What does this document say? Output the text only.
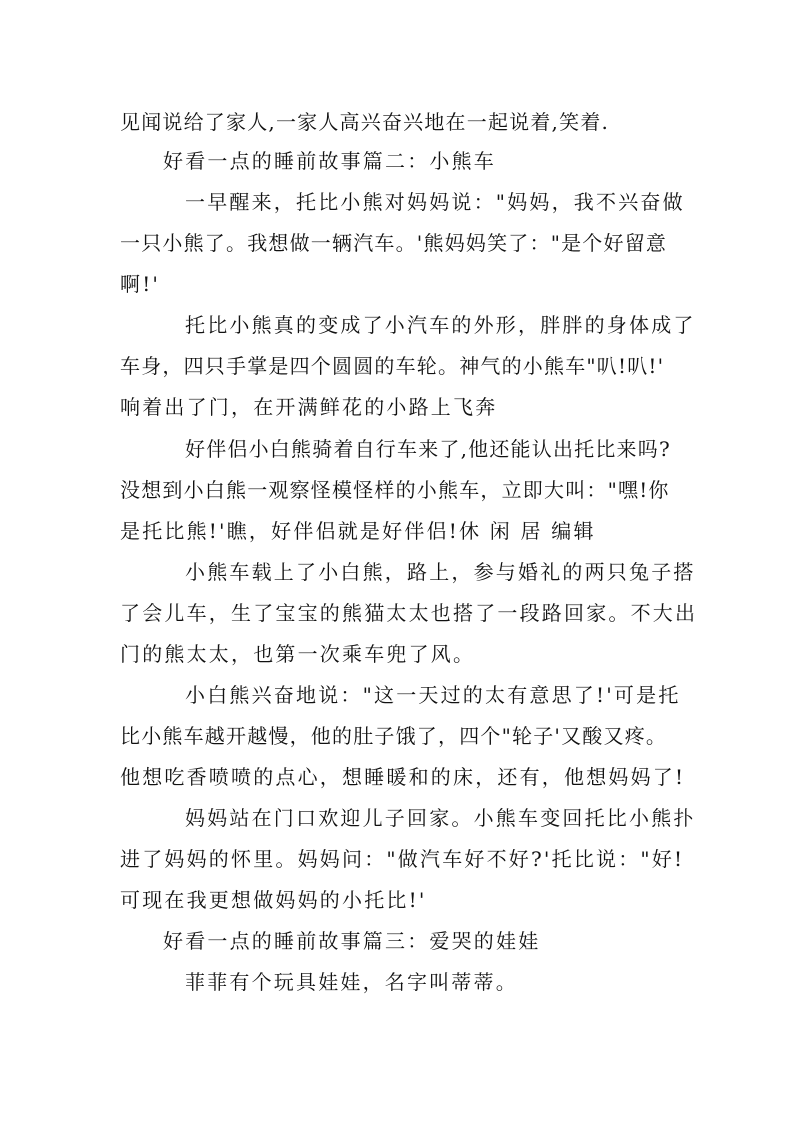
见闻说给了家人,一家人高兴奋兴地在一起说着,笑着.
好看一点的睡前故事篇二：小熊车
一早醒来，托比小熊对妈妈说："妈妈，我不兴奋做
一只小熊了。我想做一辆汽车。'熊妈妈笑了："是个好留意
啊!'
托比小熊真的变成了小汽车的外形，胖胖的身体成了
车身，四只手掌是四个圆圆的车轮。神气的小熊车"叭!叭!'
响着出了门，在开满鲜花的小路上飞奔
好伴侣小白熊骑着自行车来了,他还能认出托比来吗?
没想到小白熊一观察怪模怪样的小熊车，立即大叫："嘿!你
是托比熊!'瞧，好伴侣就是好伴侣!休 闲 居 编辑
小熊车载上了小白熊，路上，参与婚礼的两只兔子搭
了会儿车，生了宝宝的熊猫太太也搭了一段路回家。不大出
门的熊太太，也第一次乘车兜了风。
小白熊兴奋地说："这一天过的太有意思了!'可是托
比小熊车越开越慢，他的肚子饿了，四个"轮子'又酸又疼。
他想吃香喷喷的点心，想睡暖和的床，还有，他想妈妈了!
妈妈站在门口欢迎儿子回家。小熊车变回托比小熊扑
进了妈妈的怀里。妈妈问："做汽车好不好?'托比说："好!
可现在我更想做妈妈的小托比!'
好看一点的睡前故事篇三：爱哭的娃娃
菲菲有个玩具娃娃，名字叫蒂蒂。
